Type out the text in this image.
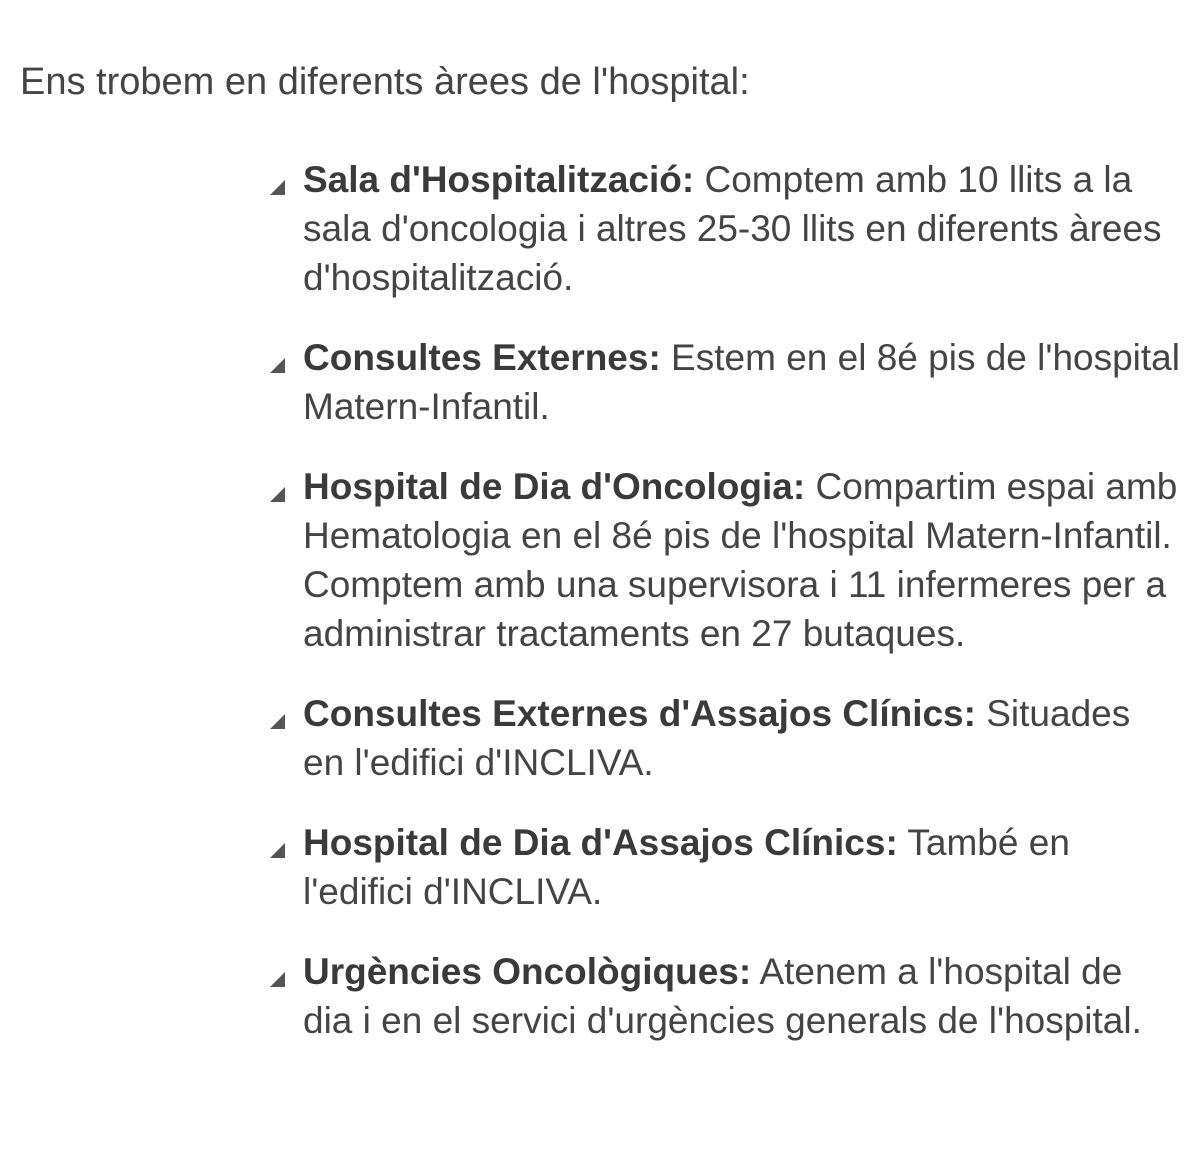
Ens trobem en diferents àrees de l'hospital:

Sala d'Hospitalització: Comptem amb 10 llits a la sala d'oncologia i altres 25-30 llits en diferents àrees d'hospitalització.
Consultes Externes: Estem en el 8é pis de l'hospital Matern-Infantil.
Hospital de Dia d'Oncologia: Compartim espai amb Hematologia en el 8é pis de l'hospital Matern-Infantil. Comptem amb una supervisora i 11 infermeres per a administrar tractaments en 27 butaques.
Consultes Externes d'Assajos Clínics: Situades en l'edifici d'INCLIVA.
Hospital de Dia d'Assajos Clínics: També en l'edifici d'INCLIVA.
Urgències Oncològiques: Atenem a l'hospital de dia i en el servici d'urgències generals de l'hospital.
